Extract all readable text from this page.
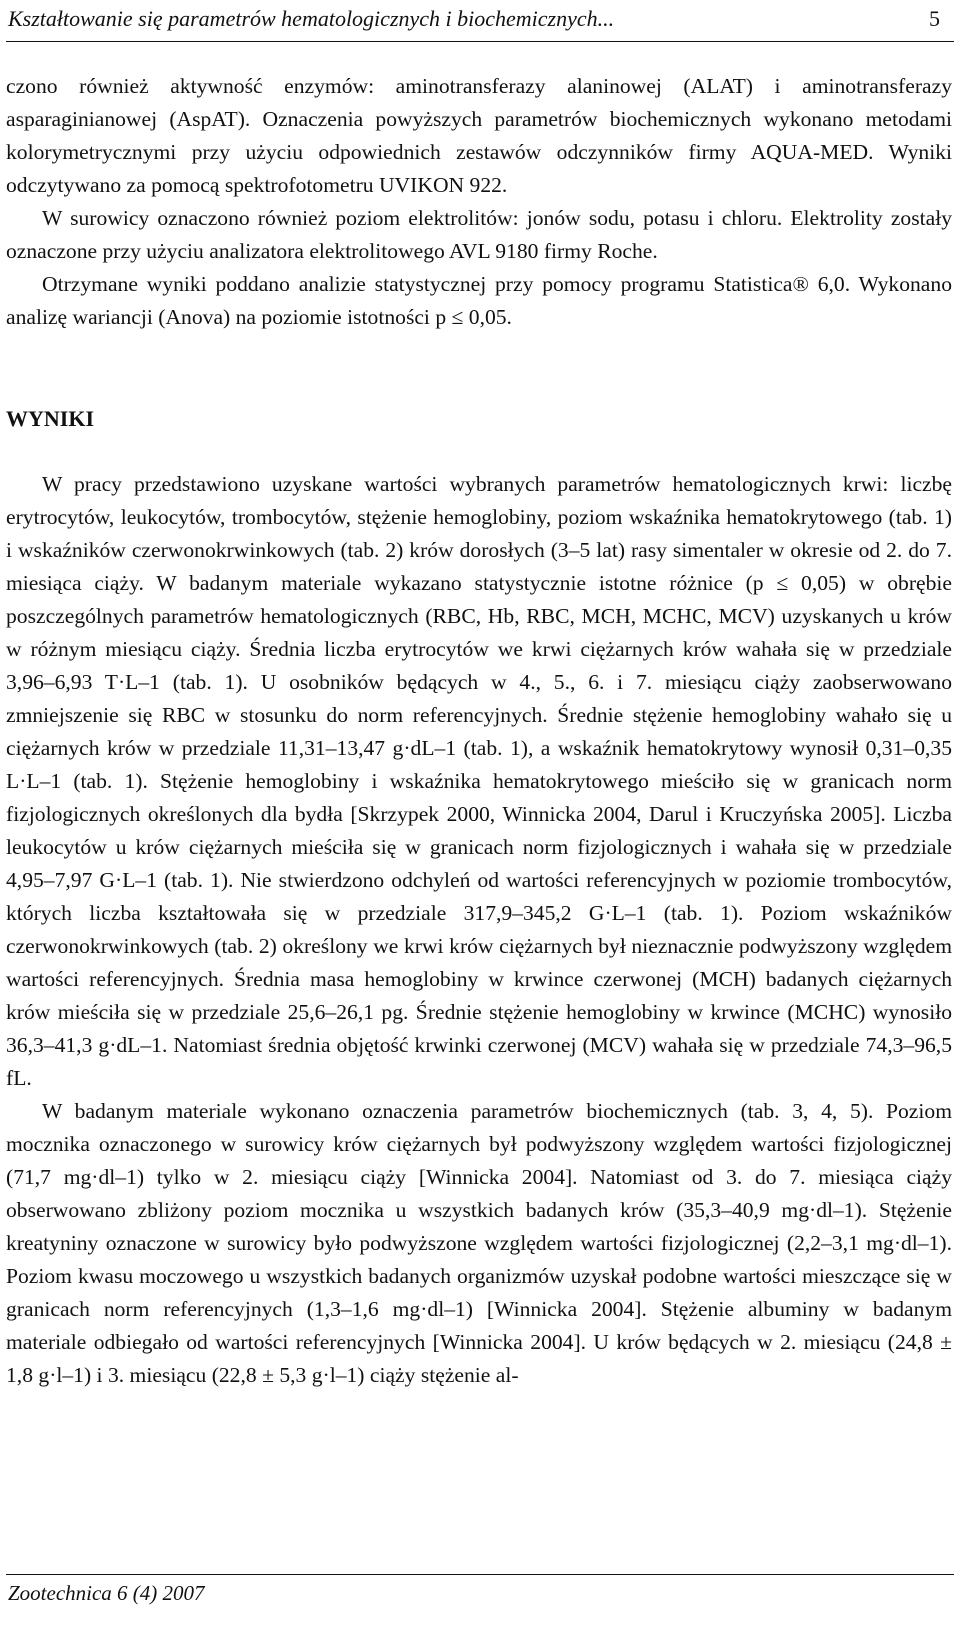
Kształtowanie się parametrów hematologicznych i biochemicznych...	5

czono również aktywność enzymów: aminotransferazy alaninowej (ALAT) i aminotransferazy asparaginianowej (AspAT). Oznaczenia powyższych parametrów biochemicznych wykonano metodami kolorymetrycznymi przy użyciu odpowiednich zestawów odczynników firmy AQUA-MED. Wyniki odczytywano za pomocą spektrofotometru UVIKON 922.

W surowicy oznaczono również poziom elektrolitów: jonów sodu, potasu i chloru. Elektrolity zostały oznaczone przy użyciu analizatora elektrolitowego AVL 9180 firmy Roche.

Otrzymane wyniki poddano analizie statystycznej przy pomocy programu Statistica® 6,0. Wykonano analizę wariancji (Anova) na poziomie istotności p ≤ 0,05.

WYNIKI

W pracy przedstawiono uzyskane wartości wybranych parametrów hematologicznych krwi: liczbę erytrocytów, leukocytów, trombocytów, stężenie hemoglobiny, poziom wskaźnika hematokrytowego (tab. 1) i wskaźników czerwonokrwinkowych (tab. 2) krów dorosłych (3–5 lat) rasy simentaler w okresie od 2. do 7. miesiąca ciąży. W badanym materiale wykazano statystycznie istotne różnice (p ≤ 0,05) w obrębie poszczególnych parametrów hematologicznych (RBC, Hb, RBC, MCH, MCHC, MCV) uzyskanych u krów w różnym miesiącu ciąży. Średnia liczba erytrocytów we krwi ciężarnych krów wahała się w przedziale 3,96–6,93 T·L–1 (tab. 1). U osobników będących w 4., 5., 6. i 7. miesiącu ciąży zaobserwowano zmniejszenie się RBC w stosunku do norm referencyjnych. Średnie stężenie hemoglobiny wahało się u ciężarnych krów w przedziale 11,31–13,47 g·dL–1 (tab. 1), a wskaźnik hematokrytowy wynosił 0,31–0,35 L·L–1 (tab. 1). Stężenie hemoglobiny i wskaźnika hematokrytowego mieściło się w granicach norm fizjologicznych określonych dla bydła [Skrzypek 2000, Winnicka 2004, Darul i Kruczyńska 2005]. Liczba leukocytów u krów ciężarnych mieściła się w granicach norm fizjologicznych i wahała się w przedziale 4,95–7,97 G·L–1 (tab. 1). Nie stwierdzono odchyleń od wartości referencyjnych w poziomie trombocytów, których liczba kształtowała się w przedziale 317,9–345,2 G·L–1 (tab. 1). Poziom wskaźników czerwonokrwinkowych (tab. 2) określony we krwi krów ciężarnych był nieznacznie podwyższony względem wartości referencyjnych. Średnia masa hemoglobiny w krwince czerwonej (MCH) badanych ciężarnych krów mieściła się w przedziale 25,6–26,1 pg. Średnie stężenie hemoglobiny w krwince (MCHC) wynosiło 36,3–41,3 g·dL–1. Natomiast średnia objętość krwinki czerwonej (MCV) wahała się w przedziale 74,3–96,5 fL.

W badanym materiale wykonano oznaczenia parametrów biochemicznych (tab. 3, 4, 5). Poziom mocznika oznaczonego w surowicy krów ciężarnych był podwyższony względem wartości fizjologicznej (71,7 mg·dl–1) tylko w 2. miesiącu ciąży [Winnicka 2004]. Natomiast od 3. do 7. miesiąca ciąży obserwowano zbliżony poziom mocznika u wszystkich badanych krów (35,3–40,9 mg·dl–1). Stężenie kreatyniny oznaczone w surowicy było podwyższone względem wartości fizjologicznej (2,2–3,1 mg·dl–1). Poziom kwasu moczowego u wszystkich badanych organizmów uzyskał podobne wartości mieszczące się w granicach norm referencyjnych (1,3–1,6 mg·dl–1) [Winnicka 2004]. Stężenie albuminy w badanym materiale odbiegało od wartości referencyjnych [Winnicka 2004]. U krów będących w 2. miesiącu (24,8 ± 1,8 g·l–1) i 3. miesiącu (22,8 ± 5,3 g·l–1) ciąży stężenie al-

Zootechnica 6 (4) 2007
